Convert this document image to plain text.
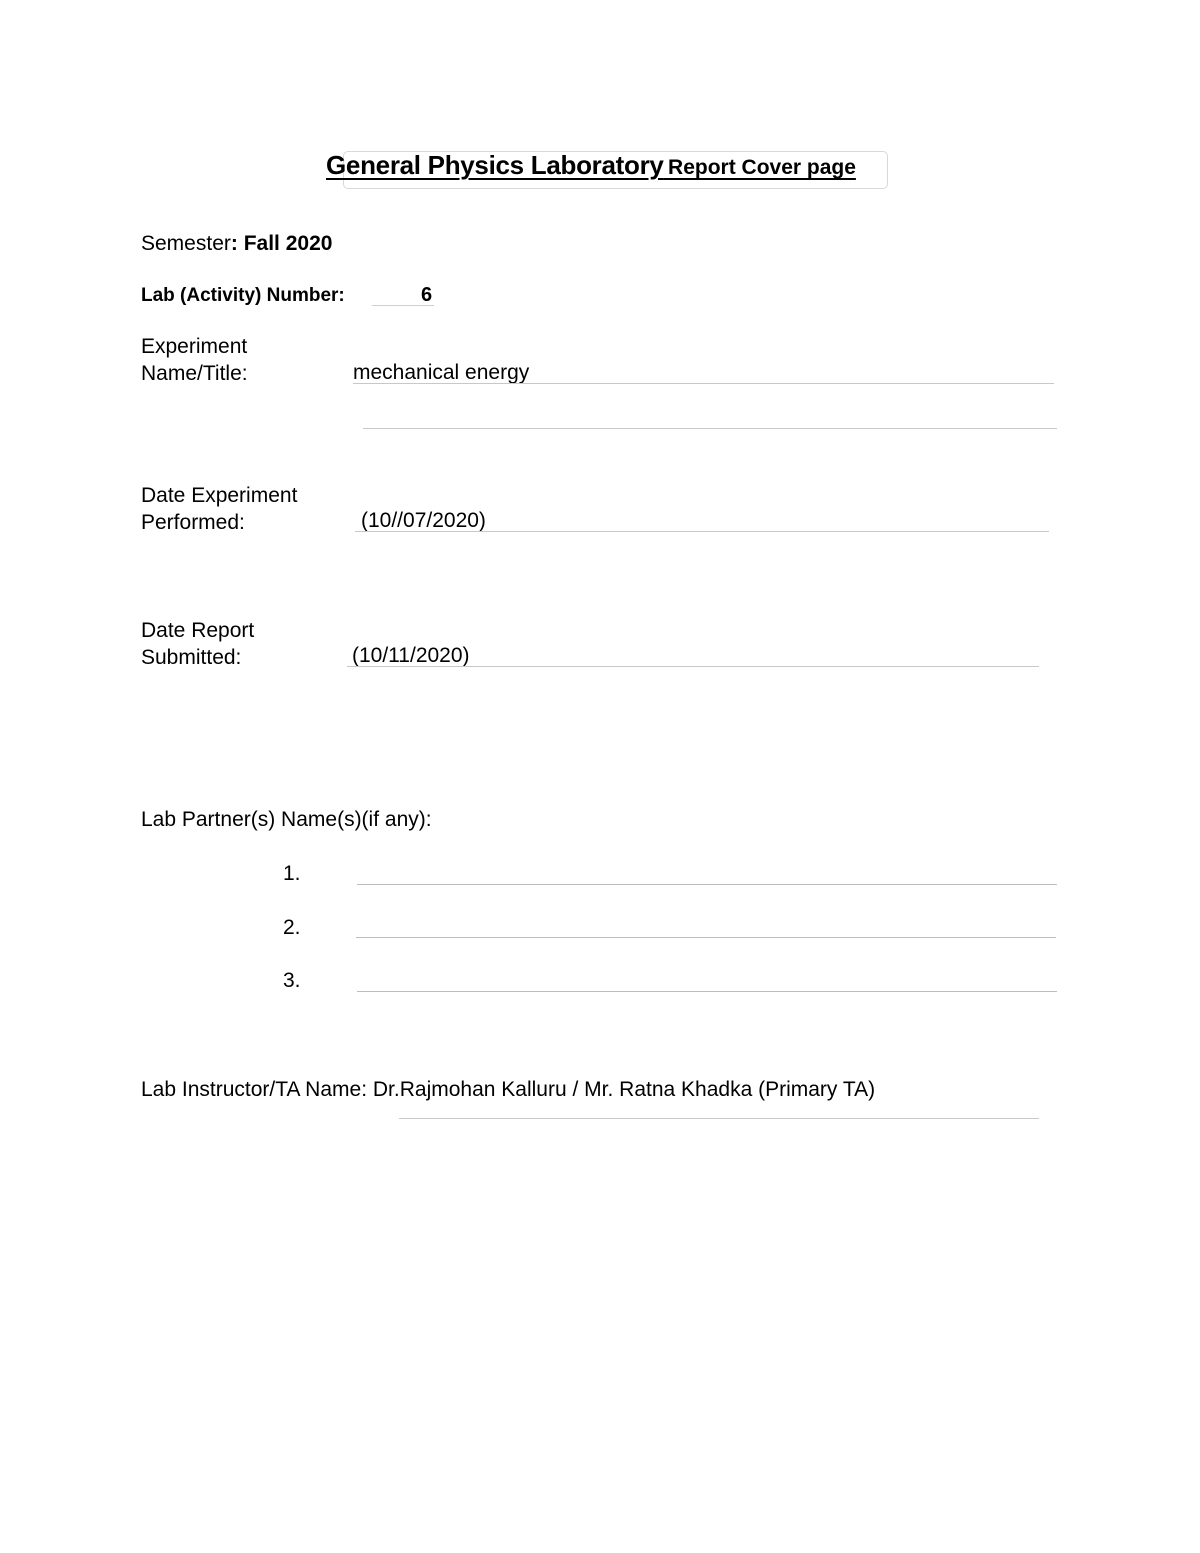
General Physics Laboratory Report Cover page
Semester: Fall 2020
Lab (Activity) Number:	6
Experiment
Name/Title:	mechanical energy
Date Experiment
Performed:	(10//07/2020)
Date Report
Submitted:	(10/11/2020)
Lab Partner(s) Name(s)(if any):
1.
2.
3.
Lab Instructor/TA Name: Dr.Rajmohan Kalluru / Mr. Ratna Khadka (Primary TA)
